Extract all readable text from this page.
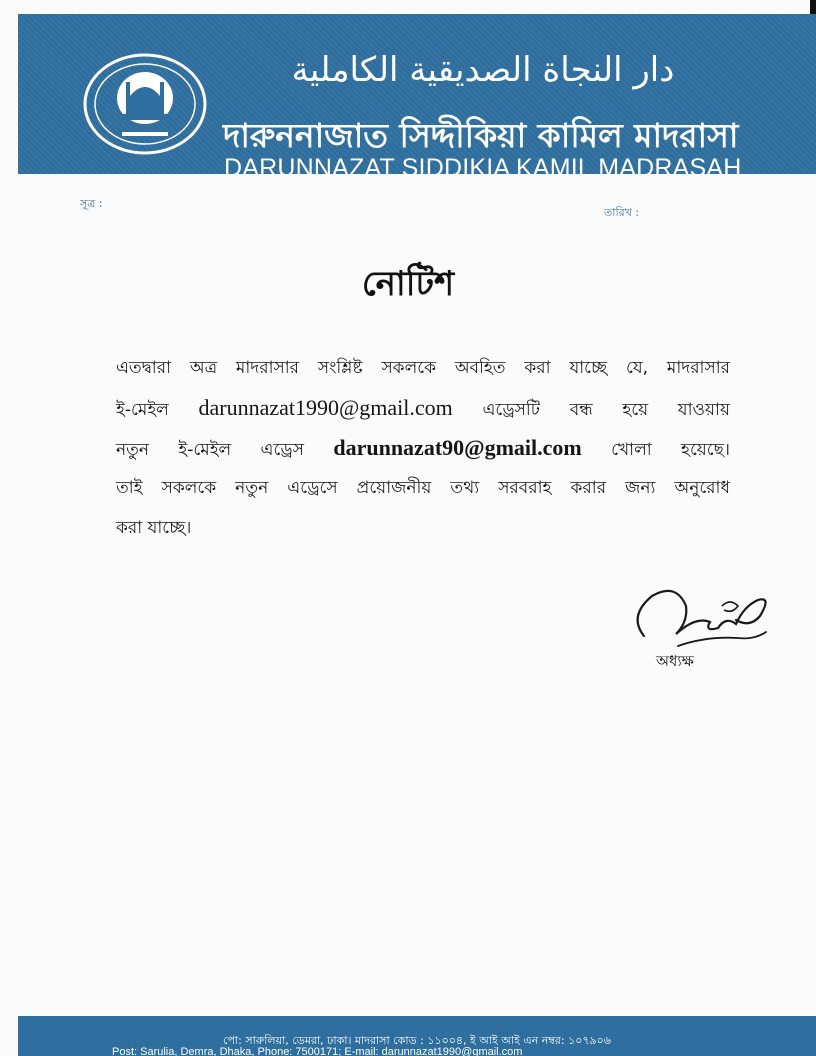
دار النجاة الصديقية الكاملية
দারুননাজাত সিদ্দীকিয়া কামিল মাদরাসা
DARUNNAZAT SIDDIKIA KAMIL MADRASAH
সূত্র :
তারিখ :
নোটিশ
এতদ্বারা অত্র মাদরাসার সংশ্লিষ্ট সকলকে অবহিত করা যাচ্ছে যে, মাদরাসার
ই-মেইল darunnazat1990@gmail.com এড্রেসটি বন্ধ হয়ে যাওয়ায়
নতুন ই-মেইল এড্রেস darunnazat90@gmail.com খোলা হয়েছে।
তাই সকলকে নতুন এড্রেসে প্রয়োজনীয় তথ্য সরবরাহ করার জন্য অনুরোধ
করা যাচ্ছে।
অধ্যক্ষ
পো: সারুলিয়া, ডেমরা, ঢাকা। মাদরাসা কোড : ১১০০৪, ই আই আই এন নম্বর: ১০৭৯০৬
Post: Sarulia, Demra, Dhaka, Phone: 7500171; E-mail: darunnazat1990@gmail.com
